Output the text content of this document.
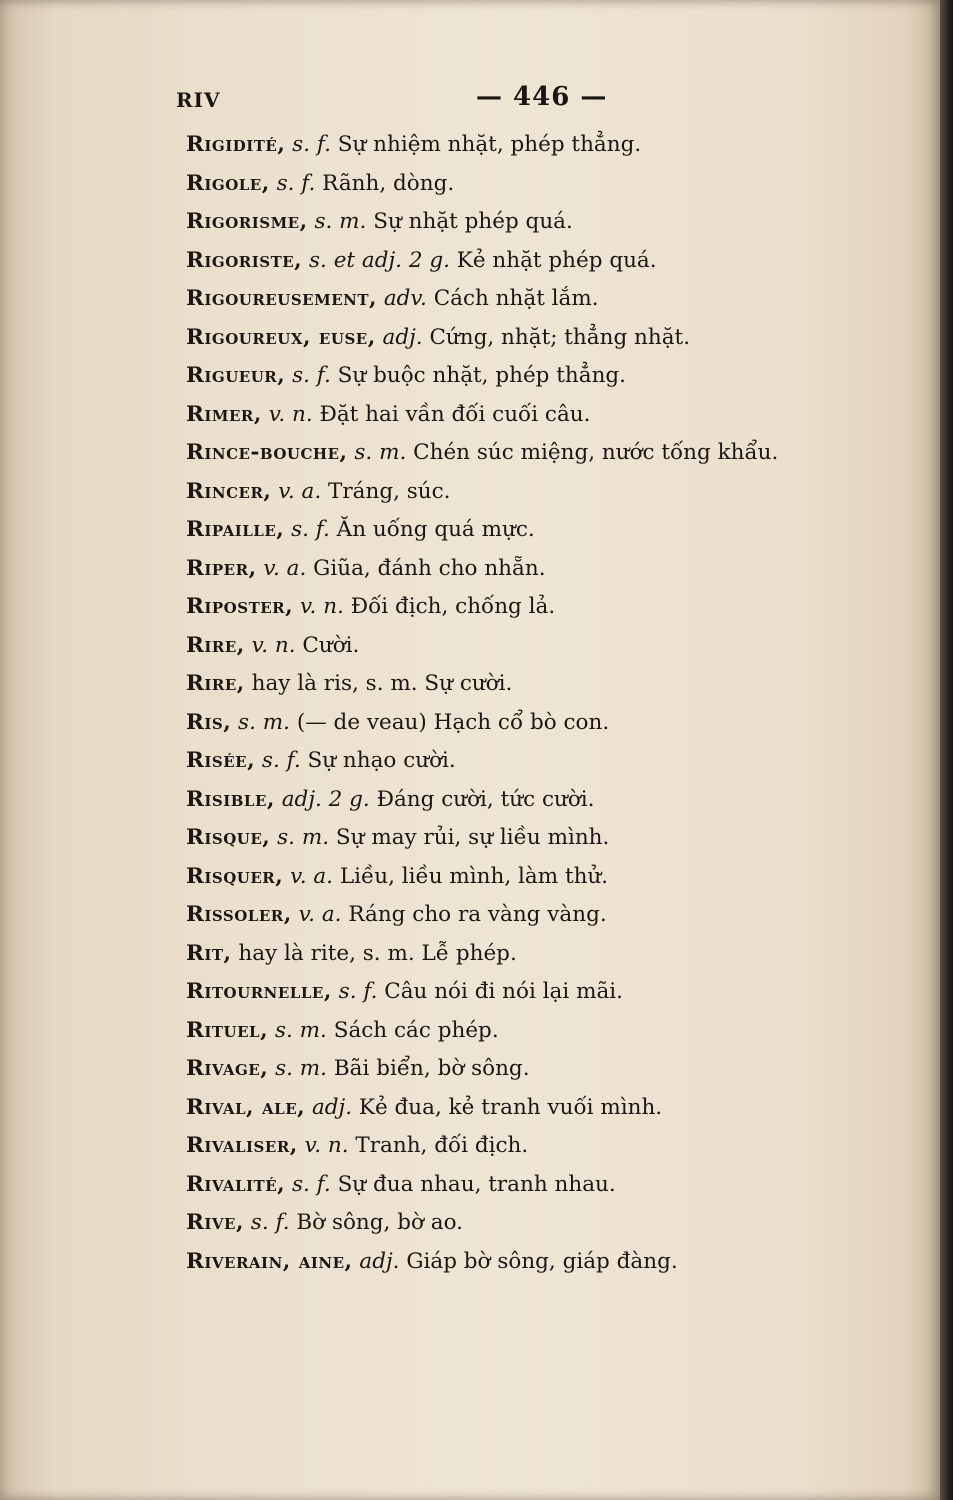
RIV	— 446 —
Rigidité, s. f. Sự nhiệm nhặt, phép thẳng.
Rigole, s. f. Rãnh, dòng.
Rigorisme, s. m. Sự nhặt phép quá.
Rigoriste, s. et adj. 2 g. Kẻ nhặt phép quá.
Rigoureusement, adv. Cách nhặt lắm.
Rigoureux, euse, adj. Cứng, nhặt; thẳng nhặt.
Rigueur, s. f. Sự buộc nhặt, phép thẳng.
Rimer, v. n. Đặt hai vần đối cuối câu.
Rince-bouche, s. m. Chén súc miệng, nước tống khẩu.
Rincer, v. a. Tráng, súc.
Ripaille, s. f. Ăn uống quá mực.
Riper, v. a. Giũa, đánh cho nhẵn.
Riposter, v. n. Đối địch, chống lả.
Rire, v. n. Cười.
Rire, hay là ris, s. m. Sự cười.
Ris, s. m. (— de veau) Hạch cổ bò con.
Risée, s. f. Sự nhạo cười.
Risible, adj. 2 g. Đáng cười, tức cười.
Risque, s. m. Sự may rủi, sự liều mình.
Risquer, v. a. Liều, liều mình, làm thử.
Rissoler, v. a. Ráng cho ra vàng vàng.
Rit, hay là rite, s. m. Lễ phép.
Ritournelle, s. f. Câu nói đi nói lại mãi.
Rituel, s. m. Sách các phép.
Rivage, s. m. Bãi biển, bờ sông.
Rival, ale, adj. Kẻ đua, kẻ tranh vuối mình.
Rivaliser, v. n. Tranh, đối địch.
Rivalité, s. f. Sự đua nhau, tranh nhau.
Rive, s. f. Bờ sông, bờ ao.
Riverain, aine, adj. Giáp bờ sông, giáp đàng.
